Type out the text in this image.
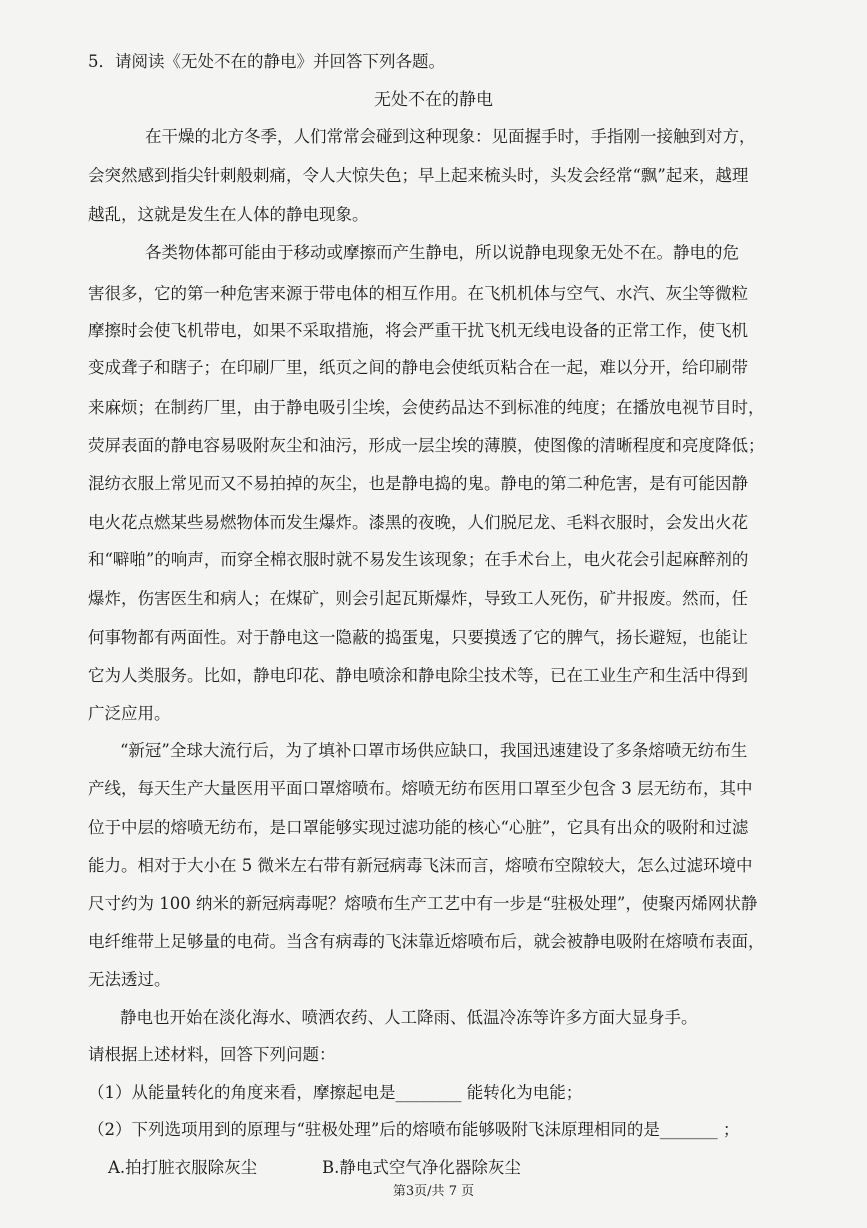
5．请阅读《无处不在的静电》并回答下列各题。
无处不在的静电
在干燥的北方冬季，人们常常会碰到这种现象：见面握手时，手指刚一接触到对方，
会突然感到指尖针刺般刺痛，令人大惊失色；早上起来梳头时，头发会经常“飘”起来，越理
越乱，这就是发生在人体的静电现象。
各类物体都可能由于移动或摩擦而产生静电，所以说静电现象无处不在。静电的危
害很多，它的第一种危害来源于带电体的相互作用。在飞机机体与空气、水汽、灰尘等微粒
摩擦时会使飞机带电，如果不采取措施，将会严重干扰飞机无线电设备的正常工作，使飞机
变成聋子和瞎子；在印刷厂里，纸页之间的静电会使纸页粘合在一起，难以分开，给印刷带
来麻烦；在制药厂里，由于静电吸引尘埃，会使药品达不到标准的纯度；在播放电视节目时，
荧屏表面的静电容易吸附灰尘和油污，形成一层尘埃的薄膜，使图像的清晰程度和亮度降低；
混纺衣服上常见而又不易拍掉的灰尘，也是静电捣的鬼。静电的第二种危害，是有可能因静
电火花点燃某些易燃物体而发生爆炸。漆黑的夜晚，人们脱尼龙、毛料衣服时，会发出火花
和“噼啪”的响声，而穿全棉衣服时就不易发生该现象；在手术台上，电火花会引起麻醉剂的
爆炸，伤害医生和病人；在煤矿，则会引起瓦斯爆炸，导致工人死伤，矿井报废。然而，任
何事物都有两面性。对于静电这一隐蔽的捣蛋鬼，只要摸透了它的脾气，扬长避短，也能让
它为人类服务。比如，静电印花、静电喷涂和静电除尘技术等，已在工业生产和生活中得到
广泛应用。
“新冠”全球大流行后，为了填补口罩市场供应缺口，我国迅速建设了多条熔喷无纺布生
产线，每天生产大量医用平面口罩熔喷布。熔喷无纺布医用口罩至少包含 3 层无纺布，其中
位于中层的熔喷无纺布，是口罩能够实现过滤功能的核心“心脏”，它具有出众的吸附和过滤
能力。相对于大小在 5 微米左右带有新冠病毒飞沫而言，熔喷布空隙较大，怎么过滤环境中
尺寸约为 100 纳米的新冠病毒呢？熔喷布生产工艺中有一步是“驻极处理”，使聚丙烯网状静
电纤维带上足够量的电荷。当含有病毒的飞沫靠近熔喷布后，就会被静电吸附在熔喷布表面，
无法透过。
静电也开始在淡化海水、喷洒农药、人工降雨、低温冷冻等许多方面大显身手。
请根据上述材料，回答下列问题：
（1）从能量转化的角度来看，摩擦起电是________ 能转化为电能；
（2）下列选项用到的原理与“驻极处理”后的熔喷布能够吸附飞沫原理相同的是_______ ；
A.拍打脏衣服除灰尘	B.静电式空气净化器除灰尘
第3页/共 7 页
